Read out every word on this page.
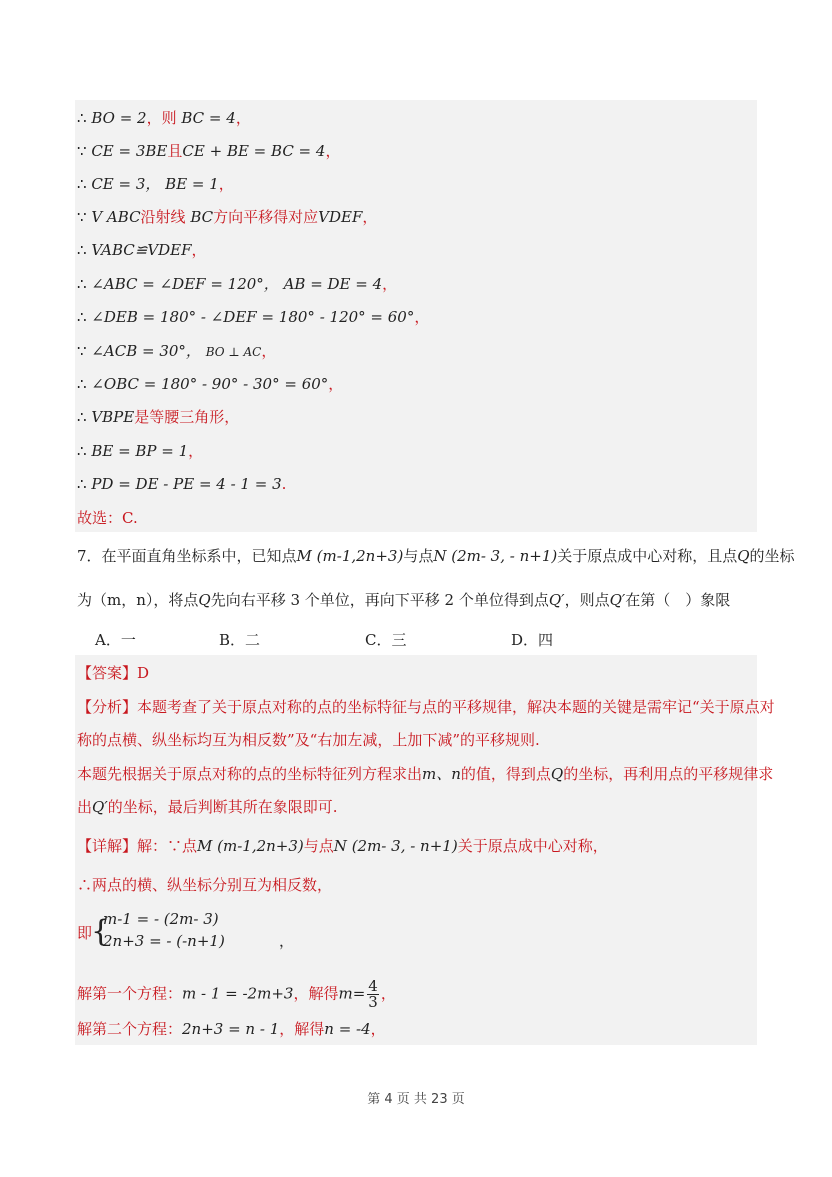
∴ BO = 2，则 BC = 4，
∵ CE = 3BE且CE + BE = BC = 4，
∴ CE = 3， BE = 1，
∵ V ABC沿射线 BC方向平移得对应VDEF，
∴ VABC≌VDEF，
∴ ∠ABC = ∠DEF = 120°， AB = DE = 4，
∴ ∠DEB = 180° - ∠DEF = 180° - 120° = 60°，
∵ ∠ACB = 30°， BO ⊥ AC，
∴ ∠OBC = 180° - 90° - 30° = 60°，
∴ VBPE是等腰三角形，
∴ BE = BP = 1，
∴ PD = DE - PE = 4 - 1 = 3.
故选：C.
7．在平面直角坐标系中，已知点M (m-1,2n+3)与点N (2m- 3, - n+1)关于原点成中心对称，且点Q的坐标
为（m，n），将点Q先向右平移 3 个单位，再向下平移 2 个单位得到点Q′，则点Q′在第（　）象限
A．一	B．二	C．三	D．四
【答案】D
【分析】本题考查了关于原点对称的点的坐标特征与点的平移规律，解决本题的关键是需牢记“关于原点对
称的点横、纵坐标均互为相反数”及“右加左减，上加下减”的平移规则.
本题先根据关于原点对称的点的坐标特征列方程求出m、n的值，得到点Q的坐标，再利用点的平移规律求
出Q′的坐标，最后判断其所在象限即可.
【详解】解：∵点M (m-1,2n+3)与点N (2m- 3, - n+1)关于原点成中心对称，
∴两点的横、纵坐标分别互为相反数，
即
{
m-1 = - (2m- 3)
2n+3 = - (-n+1)	，
解第一个方程：m - 1 = -2m+3，解得$m= \frac{4}{3}$ ，
解第二个方程：2n+3 = n - 1，解得n = -4，
第 4 页 共 23 页
